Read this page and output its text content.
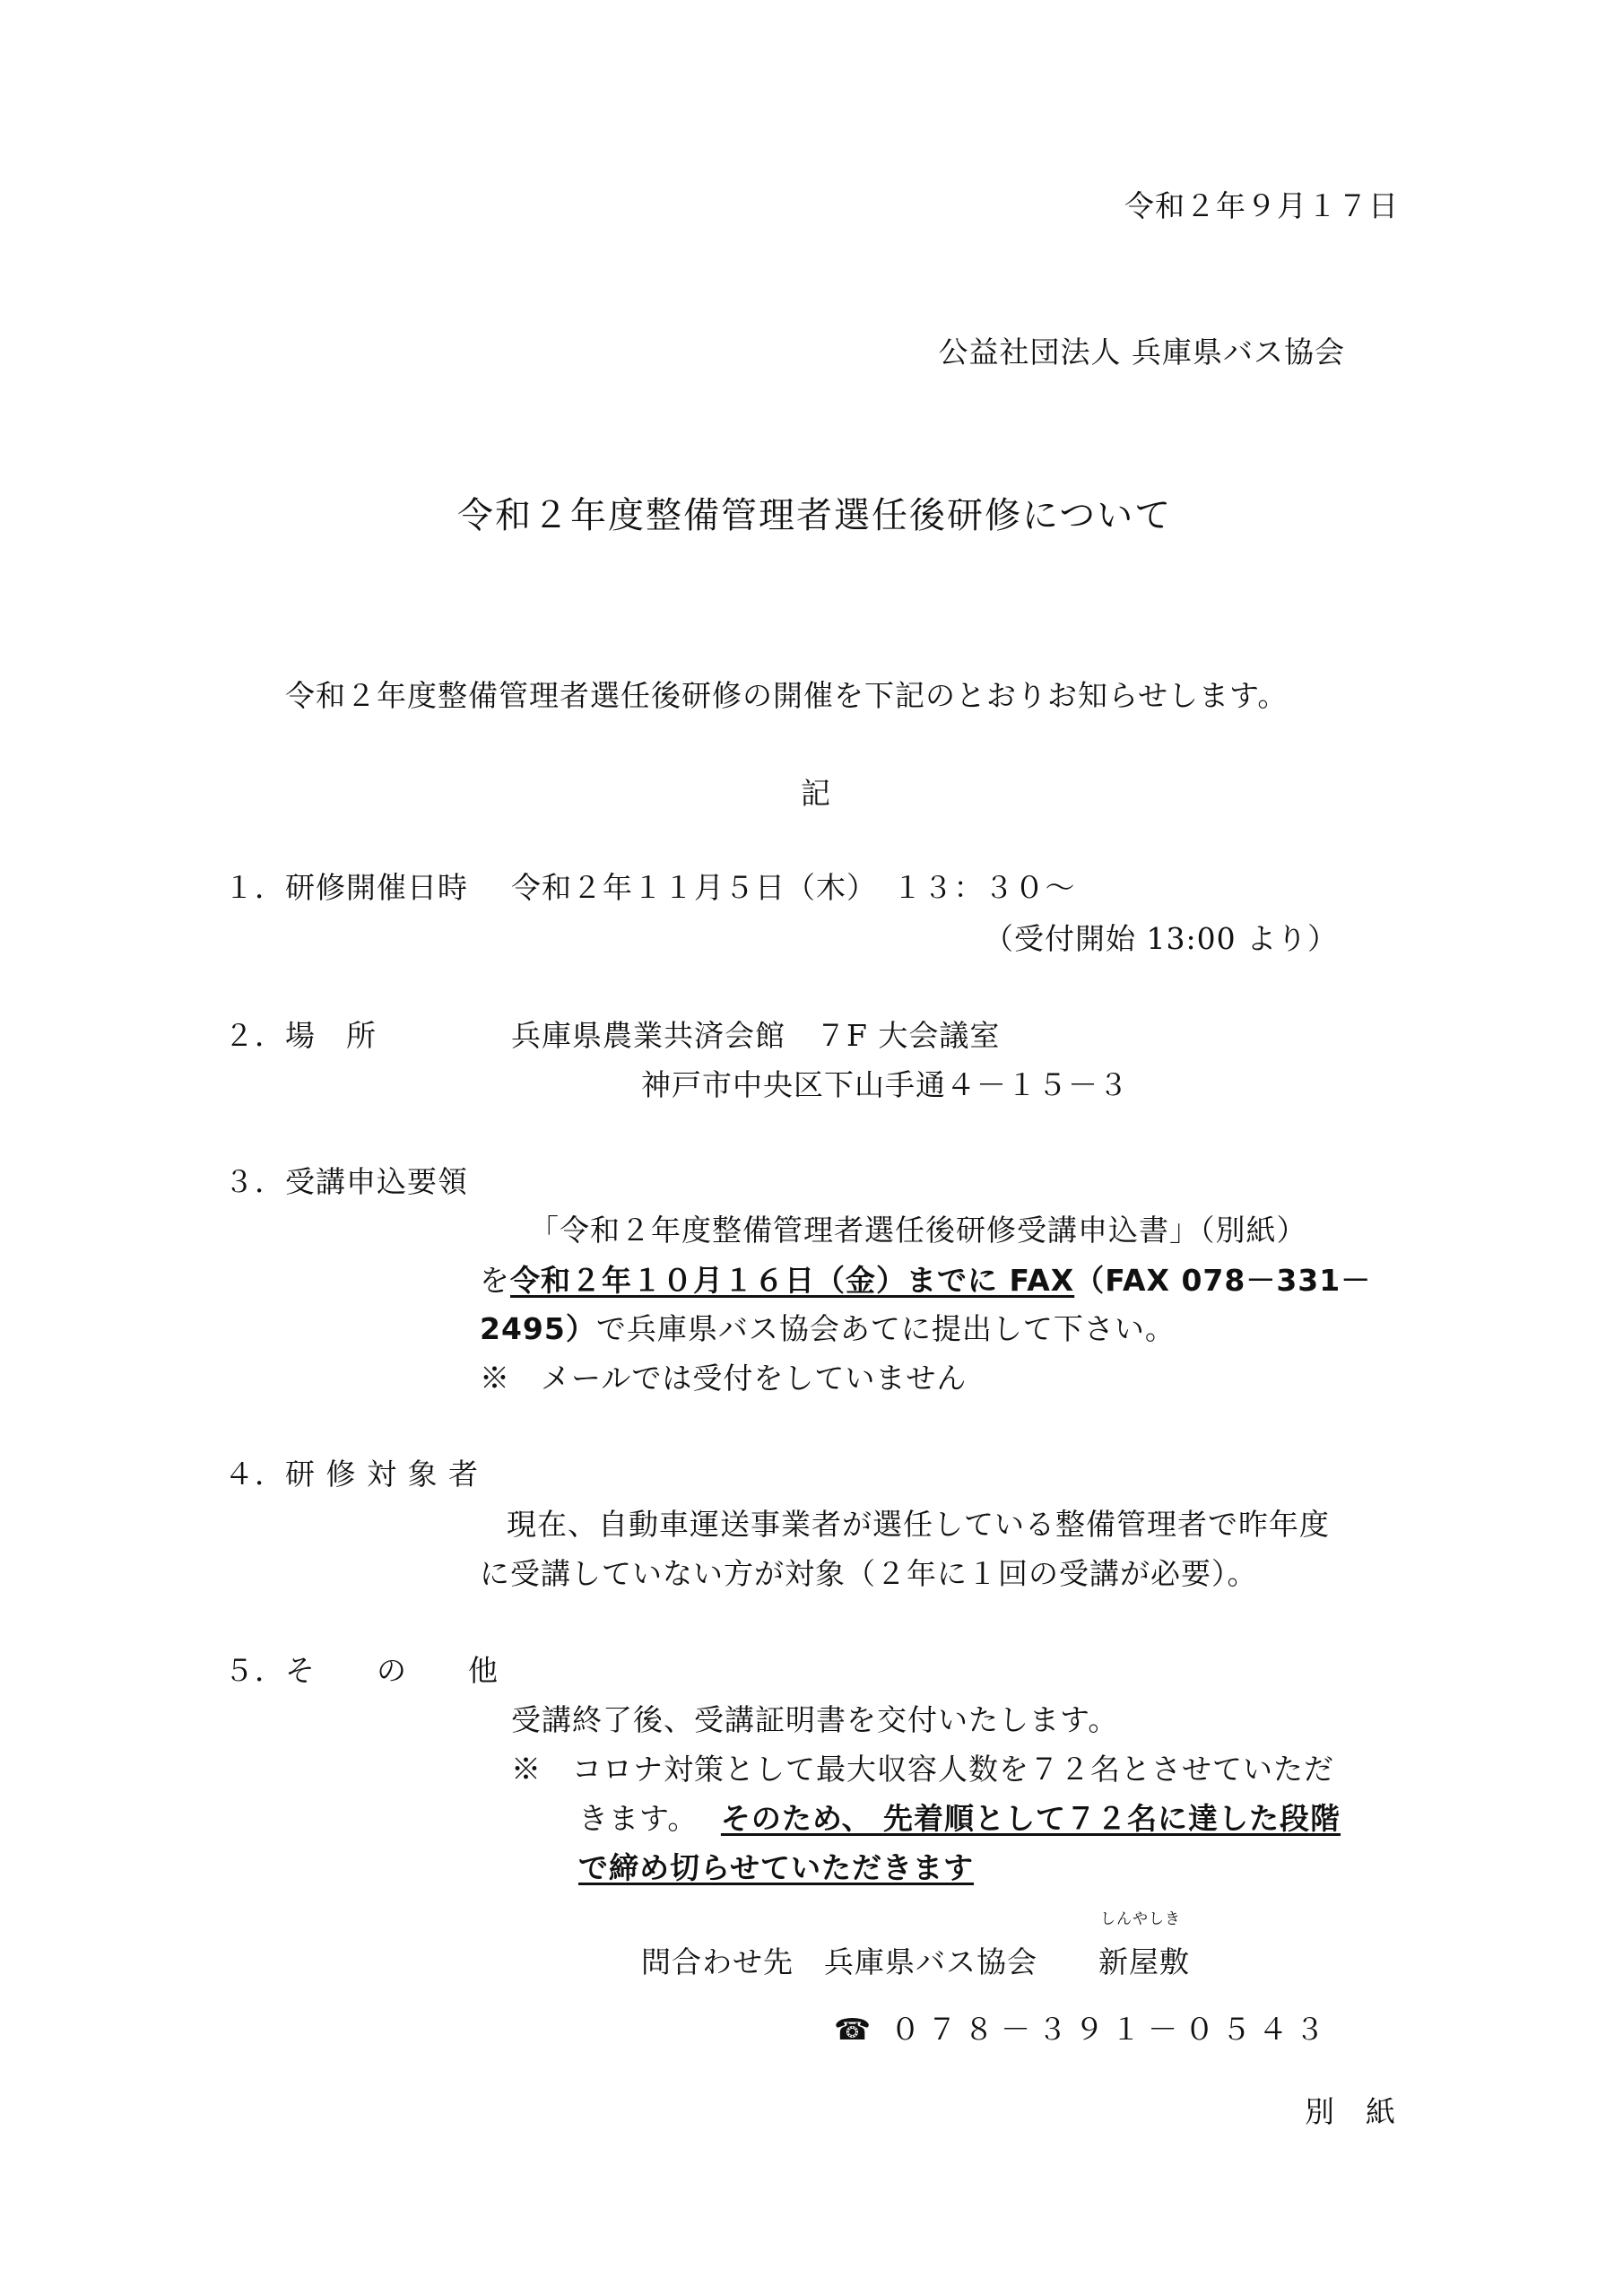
令和２年９月１７日
公益社団法人 兵庫県バス協会
令和２年度整備管理者選任後研修について
令和２年度整備管理者選任後研修の開催を下記のとおりお知らせします。
記
１．研修開催日時 令和２年１１月５日（木）　１３：３０～
（受付開始 13:00 より）
２．場　所	兵庫県農業共済会館　７F 大会議室
神戸市中央区下山手通４－１５－３
３．受講申込要領
「令和２年度整備管理者選任後研修受講申込書」（別紙）
を令和２年１０月１６日（金）までに FAX（FAX 078－331－
2495）で兵庫県バス協会あてに提出して下さい。
※　メールでは受付をしていません
４．研 修 対 象 者
現在、自動車運送事業者が選任している整備管理者で昨年度
に受講していない方が対象（２年に１回の受講が必要）。
５．そ　　の　　他
受講終了後、受講証明書を交付いたします。
※　コロナ対策として最大収容人数を７２名とさせていただ
きます。 そのため、 先着順として７２名に達した段階
で締め切らせていただきます
問合わせ先　兵庫県バス協会
しんやしき
新屋敷
☎ ０７８－３９１－０５４３
別　紙
